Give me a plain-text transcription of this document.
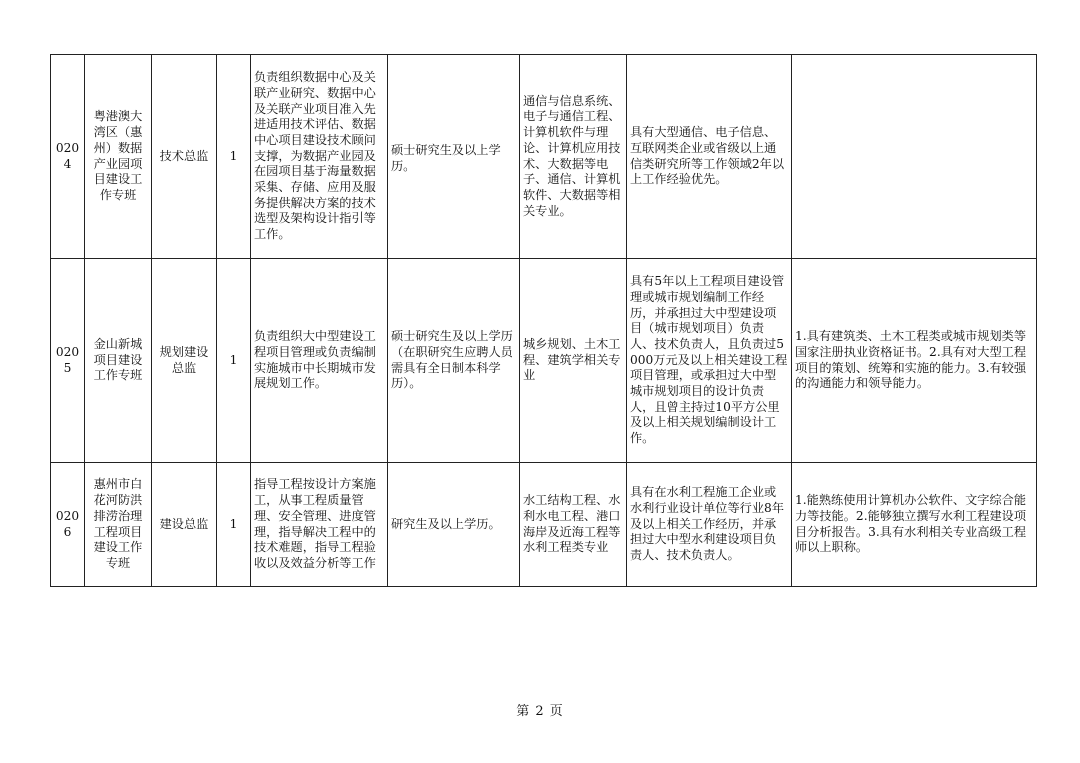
0204	粤港澳大湾区（惠州）数据产业园项目建设工作专班	技术总监	1	负责组织数据中心及关联产业研究、数据中心及关联产业项目准入先进适用技术评估、数据中心项目建设技术顾问支撑，为数据产业园及在园项目基于海量数据采集、存储、应用及服务提供解决方案的技术选型及架构设计指引等工作。	硕士研究生及以上学历。	通信与信息系统、电子与通信工程、计算机软件与理论、计算机应用技术、大数据等电子、通信、计算机软件、大数据等相关专业。	具有大型通信、电子信息、互联网类企业或省级以上通信类研究所等工作领域2年以上工作经验优先。	
0205	金山新城项目建设工作专班	规划建设总监	1	负责组织大中型建设工程项目管理或负责编制实施城市中长期城市发展规划工作。	硕士研究生及以上学历（在职研究生应聘人员需具有全日制本科学历）。	城乡规划、土木工程、建筑学相关专业	具有5年以上工程项目建设管理或城市规划编制工作经历，并承担过大中型建设项目（城市规划项目）负责人、技术负责人，且负责过5000万元及以上相关建设工程项目管理，或承担过大中型城市规划项目的设计负责人，且曾主持过10平方公里及以上相关规划编制设计工作。	1.具有建筑类、土木工程类或城市规划类等国家注册执业资格证书。2.具有对大型工程项目的策划、统筹和实施的能力。3.有较强的沟通能力和领导能力。
0206	惠州市白花河防洪排涝治理工程项目建设工作专班	建设总监	1	指导工程按设计方案施工，从事工程质量管理、安全管理、进度管理，指导解决工程中的技术难题，指导工程验收以及效益分析等工作	研究生及以上学历。	水工结构工程、水利水电工程、港口海岸及近海工程等水利工程类专业	具有在水利工程施工企业或水利行业设计单位等行业8年及以上相关工作经历，并承担过大中型水利建设项目负责人、技术负责人。	1.能熟练使用计算机办公软件、文字综合能力等技能。2.能够独立撰写水利工程建设项目分析报告。3.具有水利相关专业高级工程师以上职称。
第 2 页
